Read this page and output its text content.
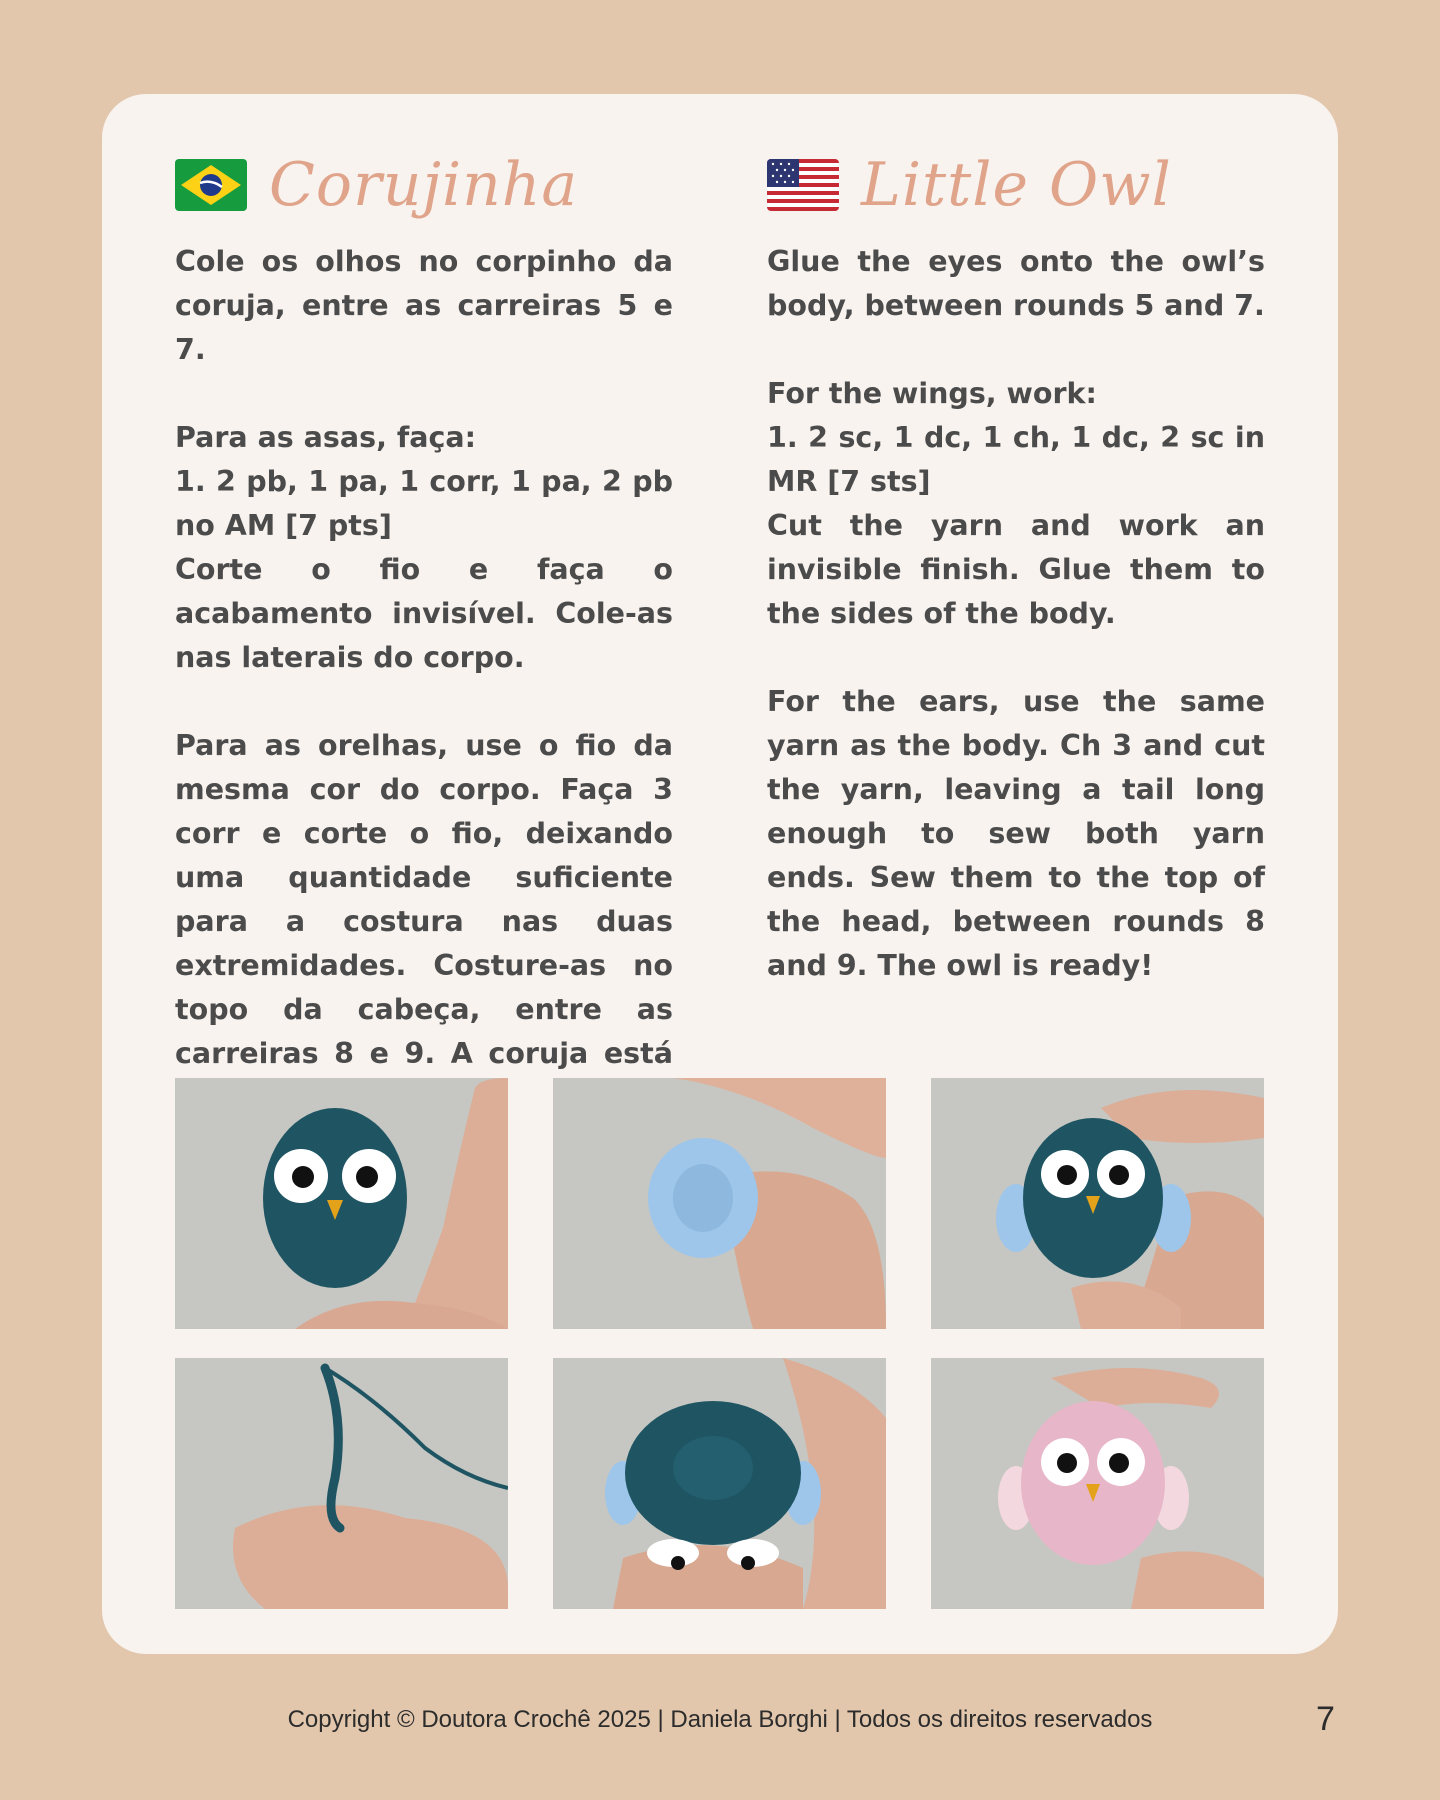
Corujinha

Cole os olhos no corpinho da coruja, entre as carreiras 5 e 7.

Para as asas, faça:

1. 2 pb, 1 pa, 1 corr, 1 pa, 2 pb no AM [7 pts]

Corte o fio e faça o acabamento invisível. Cole-as nas laterais do corpo.

Para as orelhas, use o fio da mesma cor do corpo. Faça 3 corr e corte o fio, deixando uma quantidade suficiente para a costura nas duas extremidades. Costure-as no topo da cabeça, entre as carreiras 8 e 9. A coruja está

Little Owl

Glue the eyes onto the owl’s body, between rounds 5 and 7.

For the wings, work:

1. 2 sc, 1 dc, 1 ch, 1 dc, 2 sc in MR [7 sts]

Cut the yarn and work an invisible finish. Glue them to the sides of the body.

For the ears, use the same yarn as the body. Ch 3 and cut the yarn, leaving a tail long enough to sew both yarn ends. Sew them to the top of the head, between rounds 8 and 9. The owl is ready!

Copyright © Doutora Crochê 2025 | Daniela Borghi | Todos os direitos reservados	7
